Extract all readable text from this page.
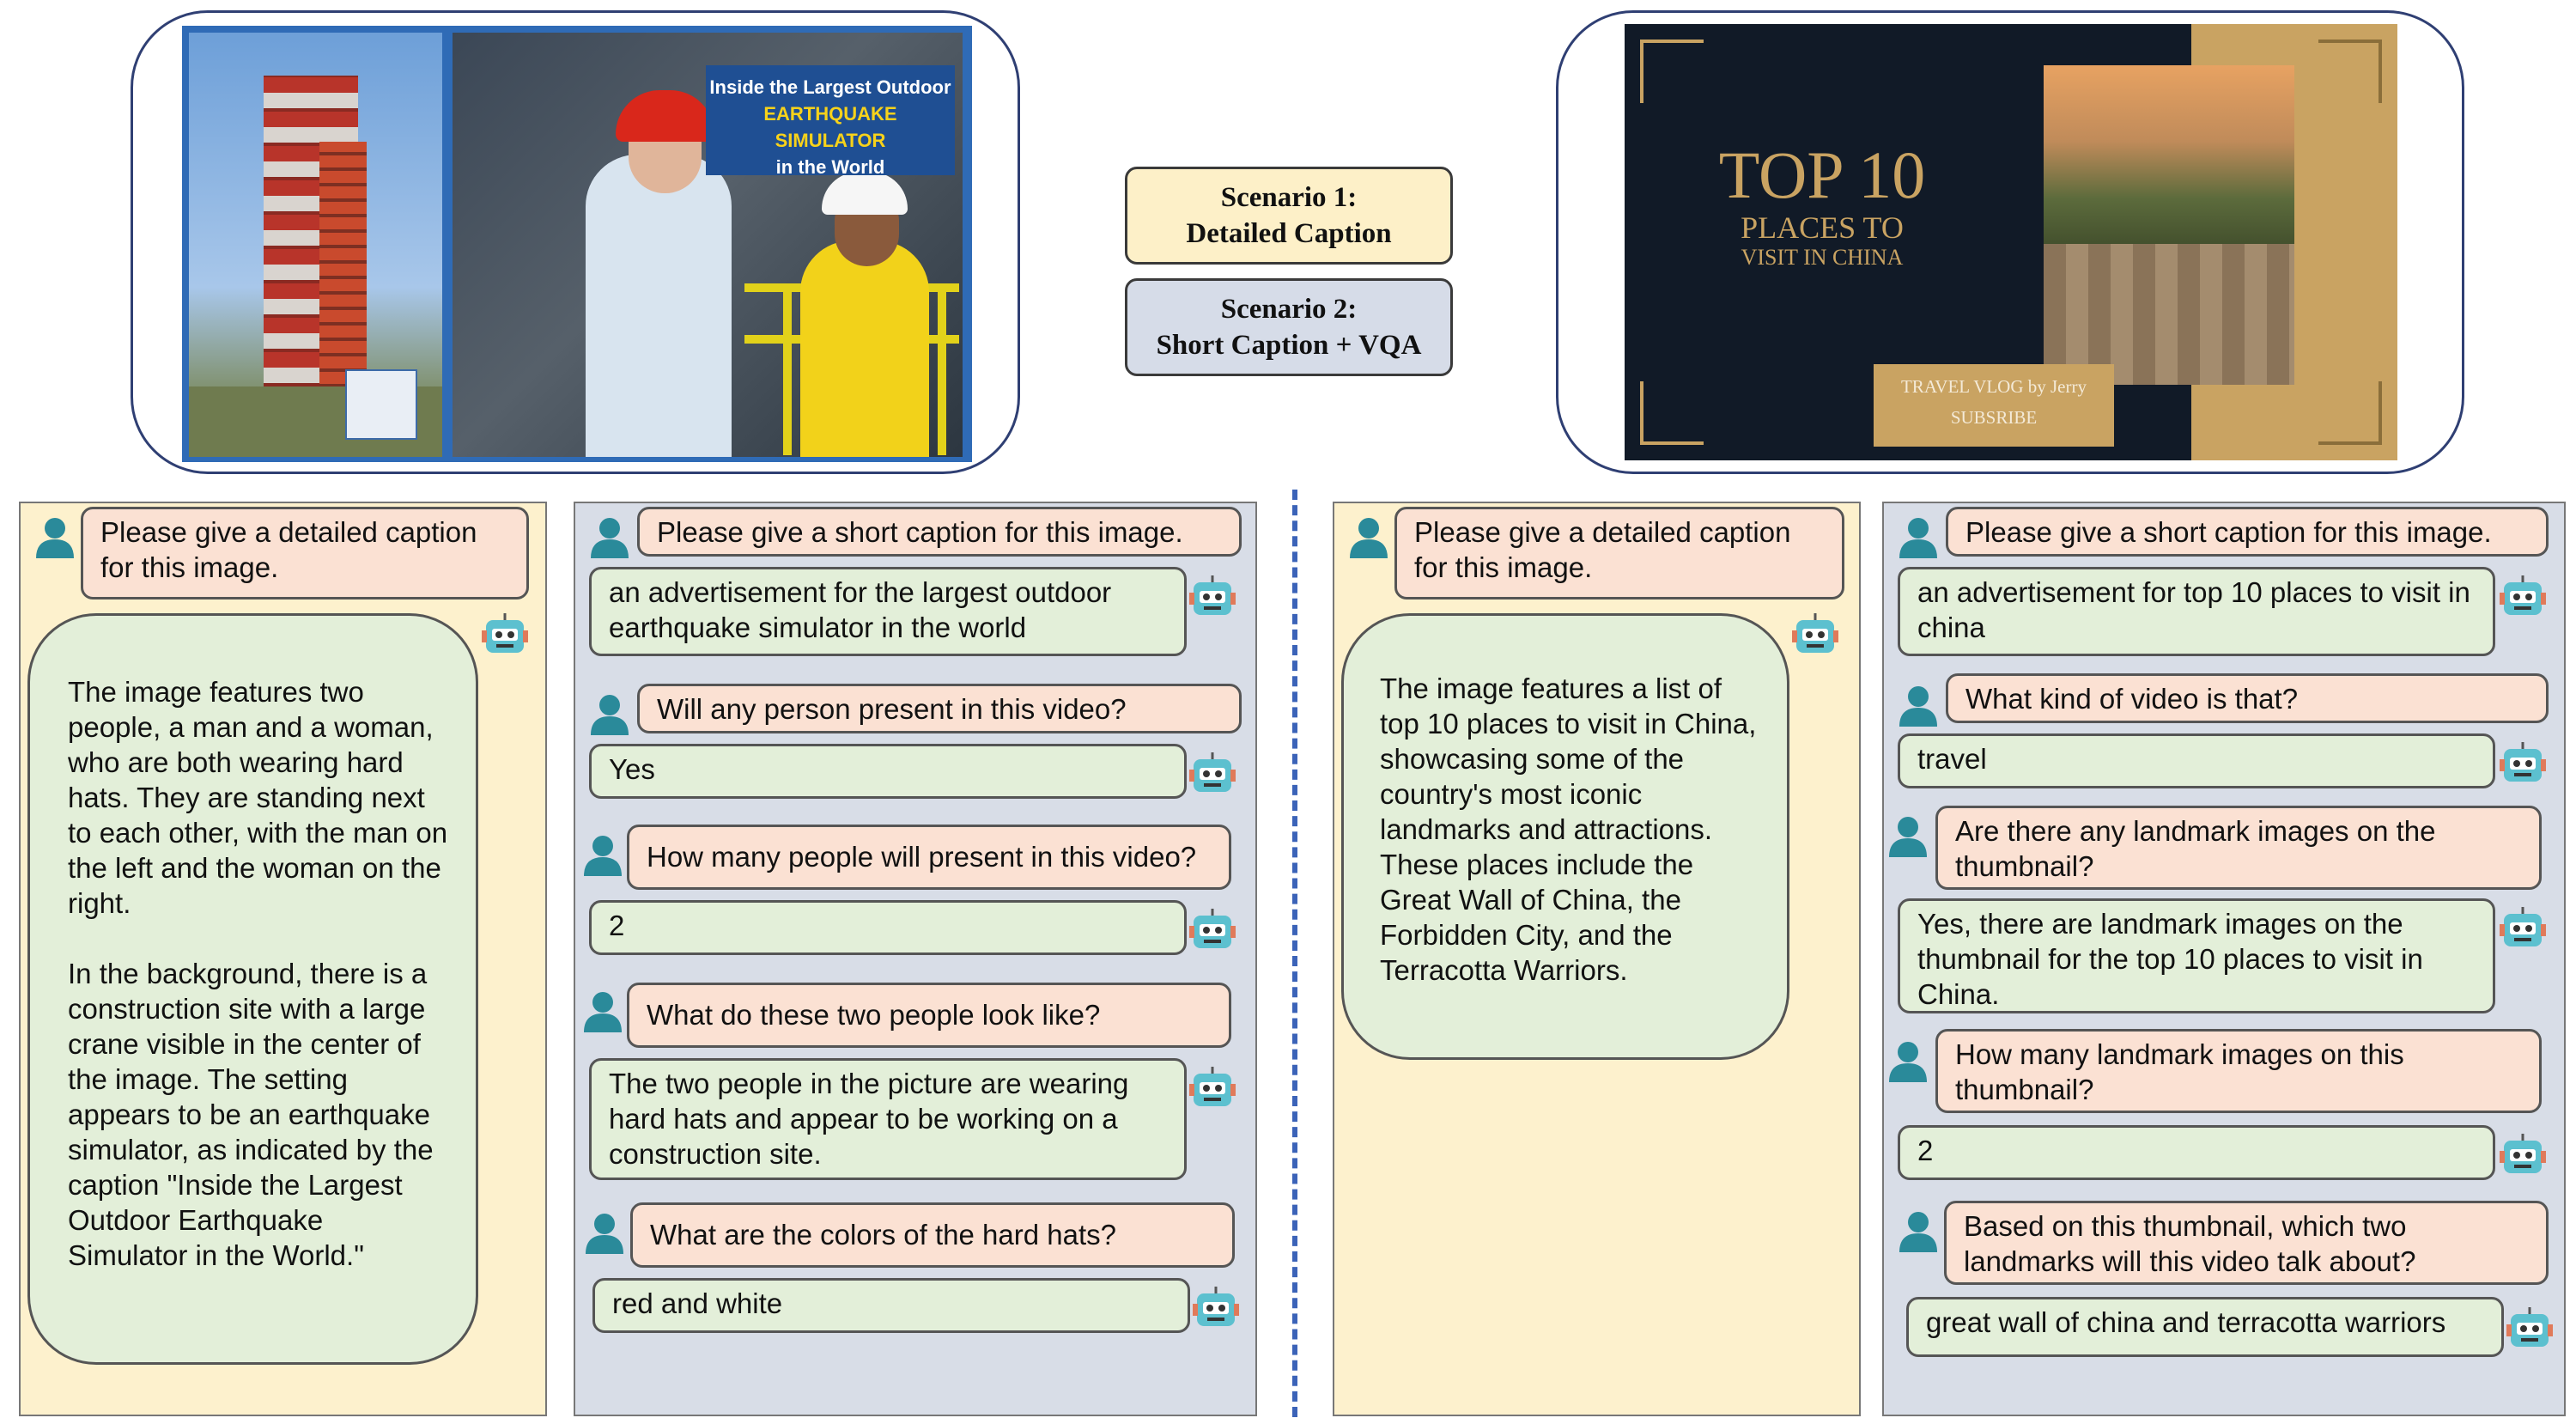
Inside the Largest Outdoor
EARTHQUAKE SIMULATOR
in the World	TOP 10
PLACES TO
VISIT IN CHINA
TRAVEL VLOG by Jerry
SUBSRIBE
Scenario 1:
Detailed Caption
Scenario 2:
Short Caption + VQA
Please give a detailed caption for this image.
The image features two people, a man and a woman, who are both wearing hard hats. They are standing next to each other, with the man on the left and the woman on the right.
In the background, there is a construction site with a large crane visible in the center of the image. The setting appears to be an earthquake simulator, as indicated by the caption "Inside the Largest Outdoor Earthquake Simulator in the World."
Please give a short caption for this image.
an advertisement for the largest outdoor earthquake simulator in the world
Will any person present in this video?
Yes
How many people will present in this video?
2
What do these two people look like?
The two people in the picture are wearing hard hats and appear to be working on a construction site.
What are the colors of the hard hats?
red and white
Please give a detailed caption for this image.
The image features a list of top 10 places to visit in China, showcasing some of the country's most iconic landmarks and attractions. These places include the Great Wall of China, the Forbidden City, and the Terracotta Warriors.
Please give a short caption for this image.
an advertisement for top 10 places to visit in china
What kind of video is that?
travel
Are there any landmark images on the thumbnail?
Yes, there are landmark images on the thumbnail for the top 10 places to visit in China.
How many landmark images on this thumbnail?
2
Based on this thumbnail, which two landmarks will this video talk about?
great wall of china and terracotta warriors
